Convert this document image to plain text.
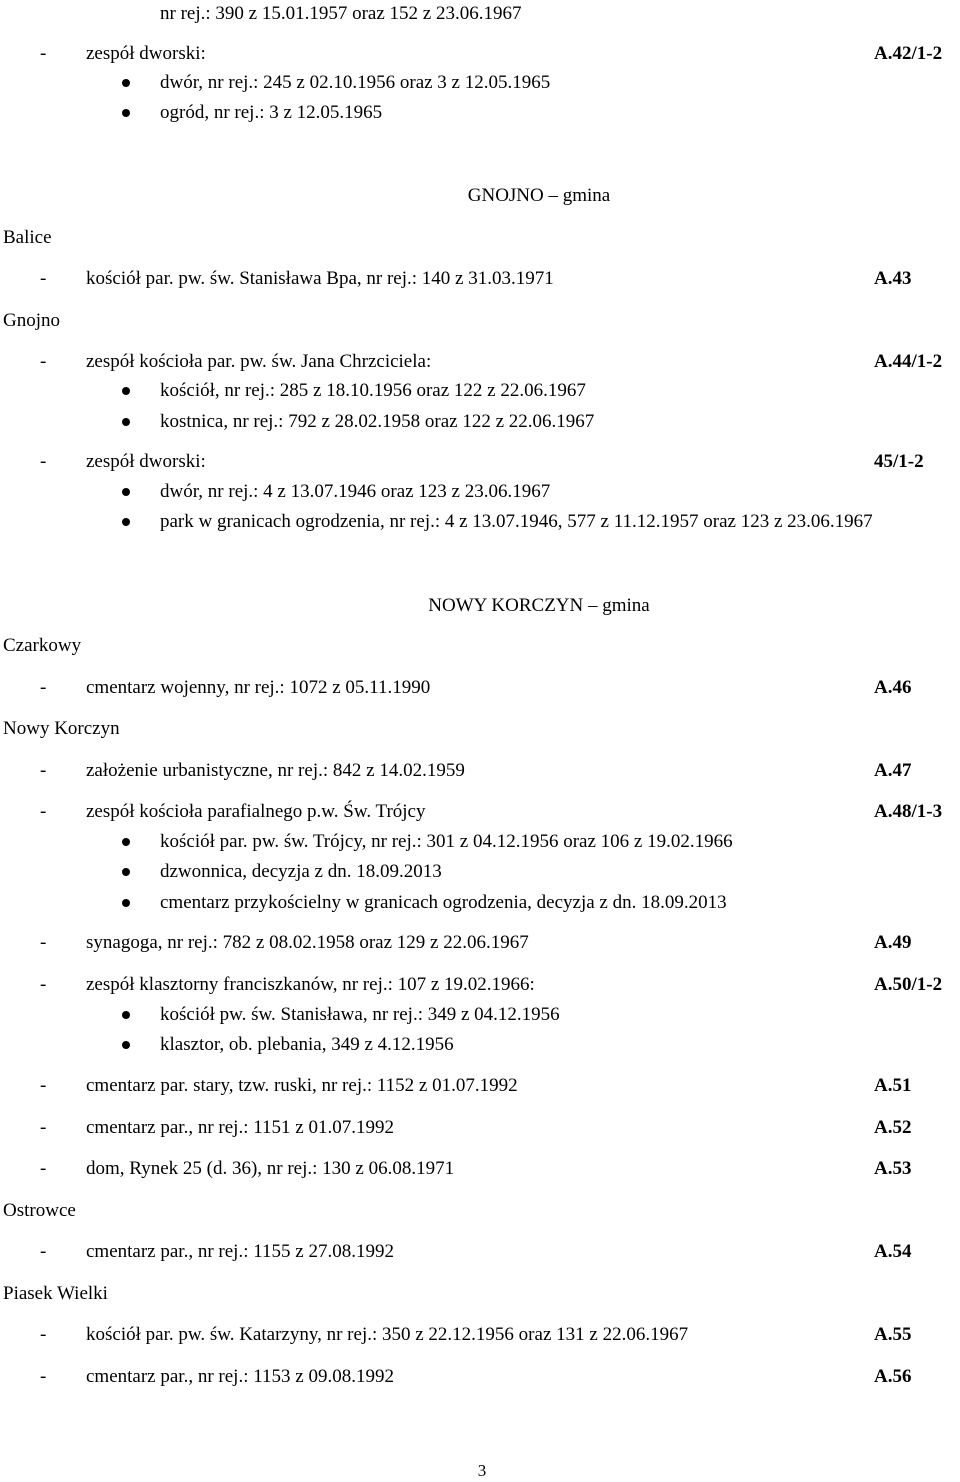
nr rej.: 390 z 15.01.1957 oraz 152 z 23.06.1967
- zespół dworski:	A.42/1-2
dwór, nr rej.: 245 z 02.10.1956 oraz 3 z 12.05.1965
ogród, nr rej.: 3 z 12.05.1965
GNOJNO – gmina
Balice
- kościół par. pw. św. Stanisława Bpa, nr rej.: 140 z 31.03.1971	A.43
Gnojno
- zespół kościoła par. pw. św. Jana Chrzciciela:	A.44/1-2
kościół, nr rej.: 285 z 18.10.1956 oraz 122 z 22.06.1967
kostnica, nr rej.: 792 z 28.02.1958 oraz 122 z 22.06.1967
- zespół dworski:	45/1-2
dwór, nr rej.: 4 z 13.07.1946 oraz 123 z 23.06.1967
park w granicach ogrodzenia, nr rej.: 4 z 13.07.1946, 577 z 11.12.1957 oraz 123 z 23.06.1967
NOWY KORCZYN – gmina
Czarkowy
- cmentarz wojenny, nr rej.: 1072 z 05.11.1990	A.46
Nowy Korczyn
- założenie urbanistyczne, nr rej.: 842 z 14.02.1959	A.47
- zespół kościoła parafialnego p.w. Św. Trójcy	A.48/1-3
kościół par. pw. św. Trójcy, nr rej.: 301 z 04.12.1956 oraz 106 z 19.02.1966
dzwonnica, decyzja z dn. 18.09.2013
cmentarz przykościelny w granicach ogrodzenia, decyzja z dn. 18.09.2013
- synagoga, nr rej.: 782 z 08.02.1958 oraz 129 z 22.06.1967	A.49
- zespół klasztorny franciszkanów, nr rej.: 107 z 19.02.1966:	A.50/1-2
kościół pw. św. Stanisława, nr rej.: 349 z 04.12.1956
klasztor, ob. plebania, 349 z 4.12.1956
- cmentarz par. stary, tzw. ruski, nr rej.: 1152 z 01.07.1992	A.51
- cmentarz par., nr rej.: 1151 z 01.07.1992	A.52
- dom, Rynek 25 (d. 36), nr rej.: 130 z 06.08.1971	A.53
Ostrowce
- cmentarz par., nr rej.: 1155 z 27.08.1992	A.54
Piasek Wielki
- kościół par. pw. św. Katarzyny, nr rej.: 350 z 22.12.1956 oraz 131 z 22.06.1967	A.55
- cmentarz par., nr rej.: 1153 z 09.08.1992	A.56
3
